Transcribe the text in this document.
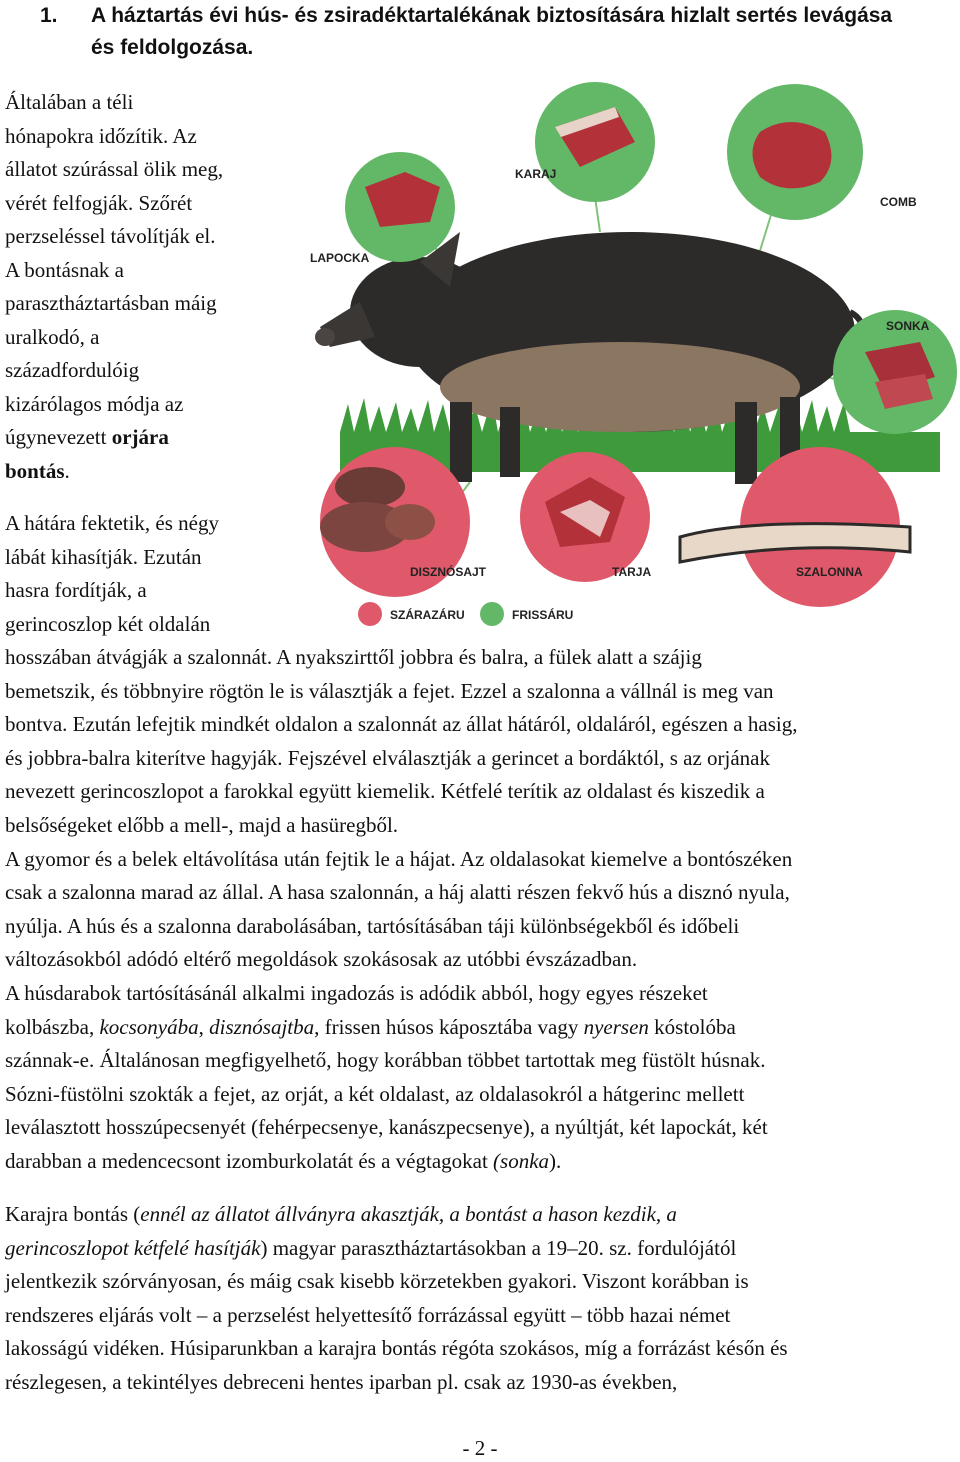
1. A háztartás évi hús- és zsiradéktartalékának biztosítására hizlalt sertés levágása
és feldolgozása.
Általában a téli
hónapokra időzítik. Az
állatot szúrással ölik meg,
vérét felfogják. Szőrét
perzseléssel távolítják el.
A bontásnak a
parasztháztartásban máig
uralkodó, a
századfordulóig
kizárólagos módja az
úgynevezett orjára
bontás.
A hátára fektetik, és négy
lábát kihasítják. Ezután
hasra fordítják, a
gerincoszlop két oldalán
KARAJ
COMB
LAPOCKA
SONKA
DISZNÓSAJT	TARJA	SZALONNA
SZÁRAZÁRU	FRISSÁRU
hosszában átvágják a szalonnát. A nyakszirttől jobbra és balra, a fülek alatt a szájig
bemetszik, és többnyire rögtön le is választják a fejet. Ezzel a szalonna a vállnál is meg van
bontva. Ezután lefejtik mindkét oldalon a szalonnát az állat hátáról, oldaláról, egészen a hasig,
és jobbra-balra kiterítve hagyják. Fejszével elválasztják a gerincet a bordáktól, s az orjának
nevezett gerincoszlopot a farokkal együtt kiemelik. Kétfelé terítik az oldalast és kiszedik a
belsőségeket előbb a mell-, majd a hasüregből.
A gyomor és a belek eltávolítása után fejtik le a hájat. Az oldalasokat kiemelve a bontószéken
csak a szalonna marad az állal. A hasa szalonnán, a háj alatti részen fekvő hús a disznó nyula,
nyúlja. A hús és a szalonna darabolásában, tartósításában táji különbségekből és időbeli
változásokból adódó eltérő megoldások szokásosak az utóbbi évszázadban.
A húsdarabok tartósításánál alkalmi ingadozás is adódik abból, hogy egyes részeket
kolbászba, kocsonyába, disznósajtba, frissen húsos káposztába vagy nyersen kóstolóba
szánnak-e. Általánosan megfigyelhető, hogy korábban többet tartottak meg füstölt húsnak.
Sózni-füstölni szokták a fejet, az orját, a két oldalast, az oldalasokról a hátgerinc mellett
leválasztott hosszúpecsenyét (fehérpecsenye, kanászpecsenye), a nyúltját, két lapockát, két
darabban a medencecsont izomburkolatát és a végtagokat (sonka).
Karajra bontás (ennél az állatot állványra akasztják, a bontást a hason kezdik, a
gerincoszlopot kétfelé hasítják) magyar parasztháztartásokban a 19–20. sz. fordulójától
jelentkezik szórványosan, és máig csak kisebb körzetekben gyakori. Viszont korábban is
rendszeres eljárás volt – a perzselést helyettesítő forrázással együtt – több hazai német
lakosságú vidéken. Húsiparunkban a karajra bontás régóta szokásos, míg a forrázást későn és
részlegesen, a tekintélyes debreceni hentes iparban pl. csak az 1930-as években,
- 2 -
